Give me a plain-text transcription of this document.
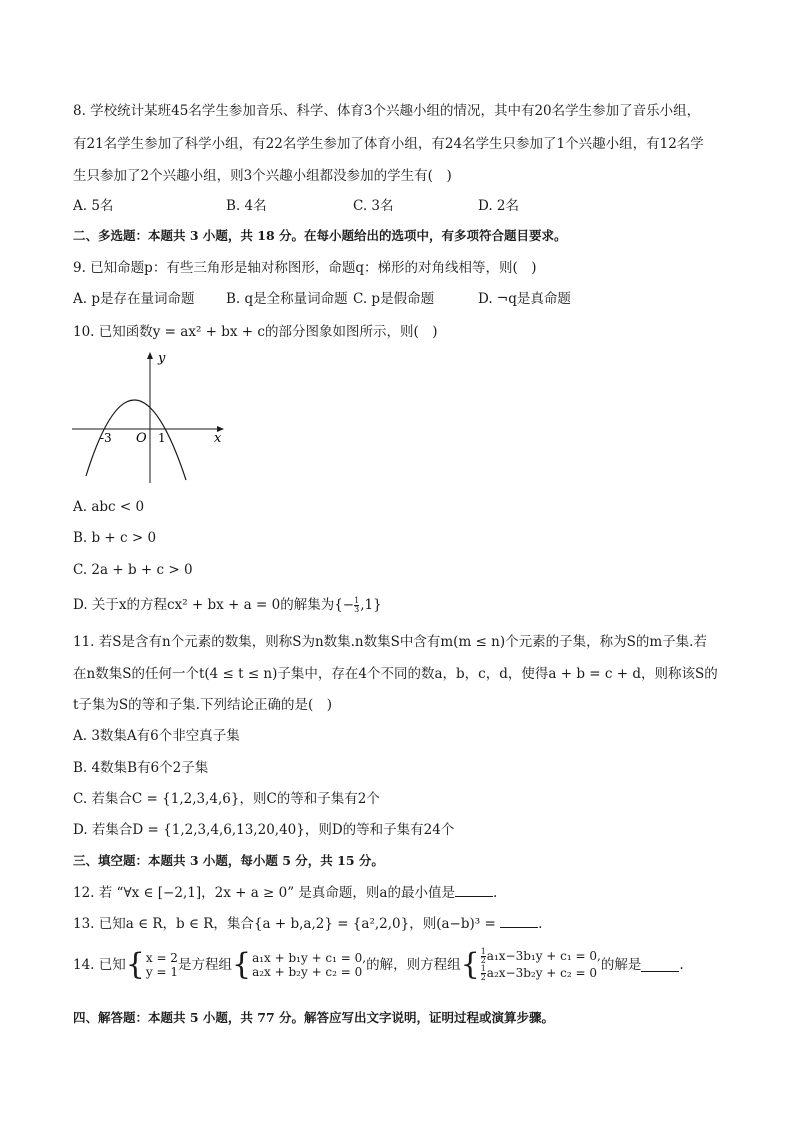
8. 学校统计某班45名学生参加音乐、科学、体育3个兴趣小组的情况，其中有20名学生参加了音乐小组，
有21名学生参加了科学小组，有22名学生参加了体育小组，有24名学生只参加了1个兴趣小组，有12名学
生只参加了2个兴趣小组，则3个兴趣小组都没参加的学生有(　)
A. 5名	B. 4名	C. 3名	D. 2名
二、多选题：本题共 3 小题，共 18 分。在每小题给出的选项中，有多项符合题目要求。
9. 已知命题p：有些三角形是轴对称图形，命题q：梯形的对角线相等，则(　)
A. p是存在量词命题 B. q是全称量词命题 C. p是假命题	D. ¬q是真命题
10. 已知函数y = ax² + bx + c的部分图象如图所示，则(　)
y
x
O
-3	1
A. abc < 0
B. b + c > 0
C. 2a + b + c > 0
D. 关于x的方程cx² + bx + a = 0的解集为{− $\frac{1}{3} ,1$}
11. 若S是含有n个元素的数集，则称S为n数集.n数集S中含有m(m ≤ n)个元素的子集，称为S的m子集.若
在n数集S的任何一个t(4 ≤ t ≤ n)子集中，存在4个不同的数a，b，c，d，使得a + b = c + d，则称该S的
t子集为S的等和子集.下列结论正确的是(　)
A. 3数集A有6个非空真子集
B. 4数集B有6个2子集
C. 若集合C = {1,2,3,4,6}，则C的等和子集有2个
D. 若集合D = {1,2,3,4,6,13,20,40}，则D的等和子集有24个
三、填空题：本题共 3 小题，每小题 5 分，共 15 分。
12. 若 “∀x ∈ [−2,1]，2x + a ≥ 0” 是真命题，则a的最小值是	.
13. 已知a ∈ R，b ∈ R，集合{a + b,a,2} = {a²,2,0}，则(a−b)³ =	.
14. 已知 { x = 2
y = 1 是方程组 { a₁x + b₁y + c₁ = 0,
a₂x + b₂y + c₂ = 0 的解，则方程组 { $\frac{1}{2} a_1x-3b_1y + c_1 = 0$,
$\frac{1}{2} a_2x-3b_2y + c_2 = 0$ 的解是	.
四、解答题：本题共 5 小题，共 77 分。解答应写出文字说明，证明过程或演算步骤。
